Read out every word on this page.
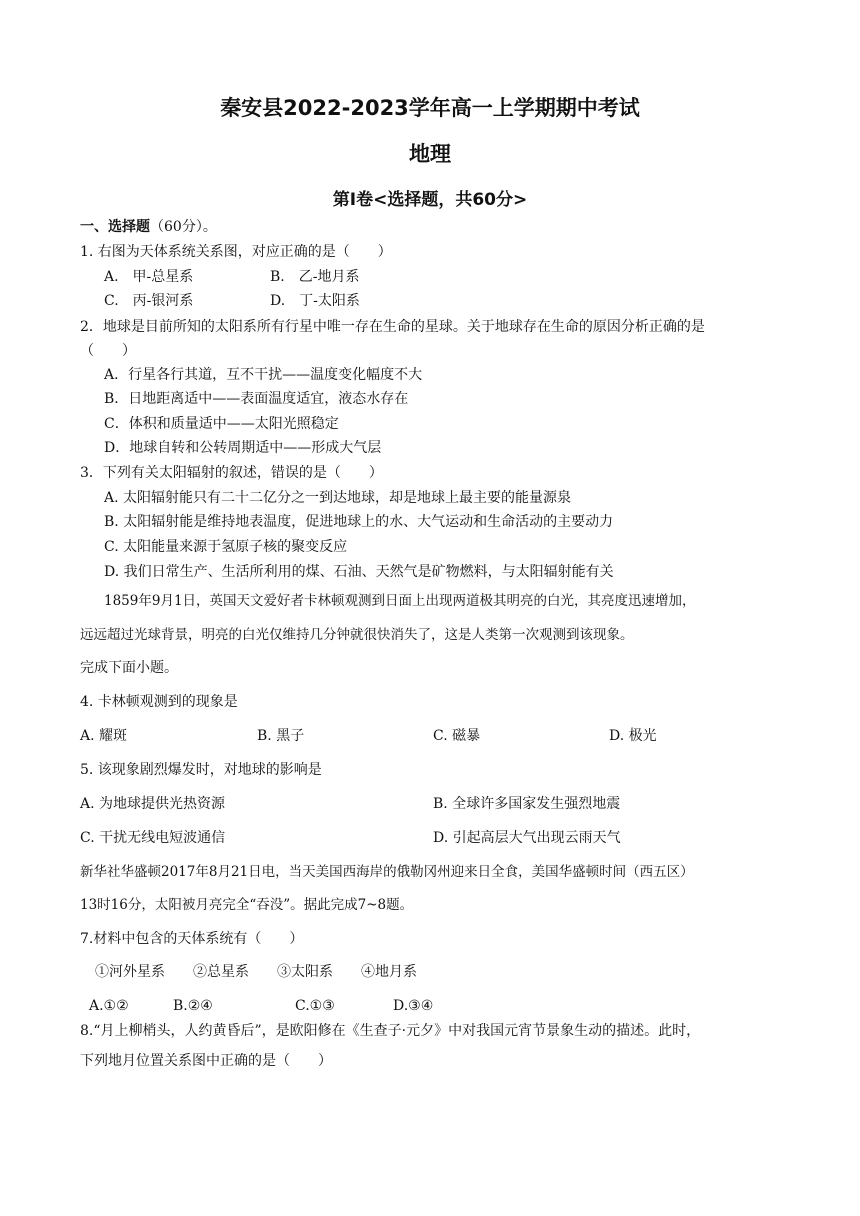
秦安县2022-2023学年高一上学期期中考试
地理
第Ⅰ卷<选择题，共60分>
一、选择题（60分）。
1. 右图为天体系统关系图，对应正确的是（　　）
A.　甲-总星系	B.　乙-地月系
C.　丙-银河系	D.　丁-太阳系
2．地球是目前所知的太阳系所有行星中唯一存在生命的星球。关于地球存在生命的原因分析正确的是
（　　）
A．行星各行其道，互不干扰——温度变化幅度不大
B．日地距离适中——表面温度适宜，液态水存在
C．体积和质量适中——太阳光照稳定
D．地球自转和公转周期适中——形成大气层
3．下列有关太阳辐射的叙述，错误的是（　　）
A. 太阳辐射能只有二十二亿分之一到达地球，却是地球上最主要的能量源泉
B. 太阳辐射能是维持地表温度，促进地球上的水、大气运动和生命活动的主要动力
C. 太阳能量来源于氢原子核的聚变反应
D. 我们日常生产、生活所利用的煤、石油、天然气是矿物燃料，与太阳辐射能有关
1859年9月1日，英国天文爱好者卡林顿观测到日面上出现两道极其明亮的白光，其亮度迅速增加，
远远超过光球背景，明亮的白光仅维持几分钟就很快消失了，这是人类第一次观测到该现象。
完成下面小题。
4. 卡林顿观测到的现象是
A. 耀斑	B. 黑子	C. 磁暴	D. 极光
5. 该现象剧烈爆发时，对地球的影响是
A. 为地球提供光热资源	B. 全球许多国家发生强烈地震
C. 干扰无线电短波通信	D. 引起高层大气出现云雨天气
新华社华盛顿2017年8月21日电，当天美国西海岸的俄勒冈州迎来日全食，美国华盛顿时间（西五区）
13时16分，太阳被月亮完全“吞没”。据此完成7~8题。
7.材料中包含的天体系统有（　　）
①河外星系　　②总星系　　③太阳系　　④地月系
A.①②	B.②④	C.①③	D.③④
8.“月上柳梢头，人约黄昏后”，是欧阳修在《生查子·元夕》中对我国元宵节景象生动的描述。此时，
下列地月位置关系图中正确的是（　　）
